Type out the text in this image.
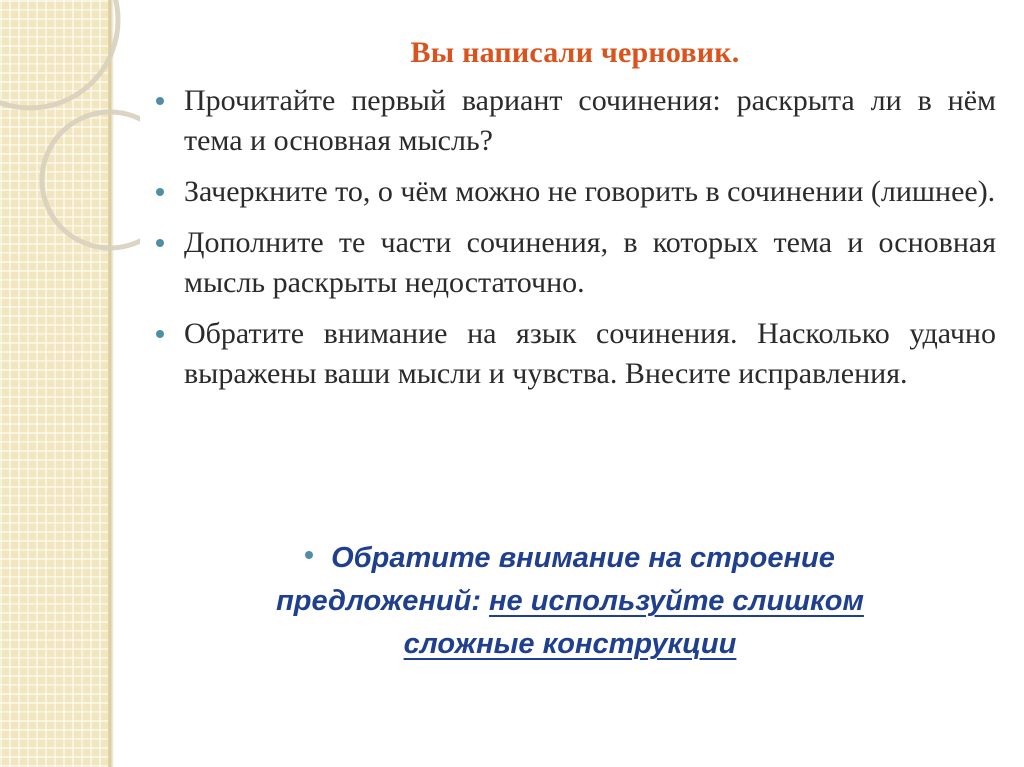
Вы написали черновик.
Прочитайте первый вариант сочинения: раскрыта ли в нём тема и основная мысль?
Зачеркните то, о чём можно не говорить в сочинении (лишнее).
Дополните те части сочинения, в которых тема и основная мысль раскрыты недостаточно.
Обратите внимание на язык сочинения. Насколько удачно выражены ваши мысли и чувства. Внесите исправления.
Обратите внимание на строение предложений: не используйте слишком сложные конструкции
